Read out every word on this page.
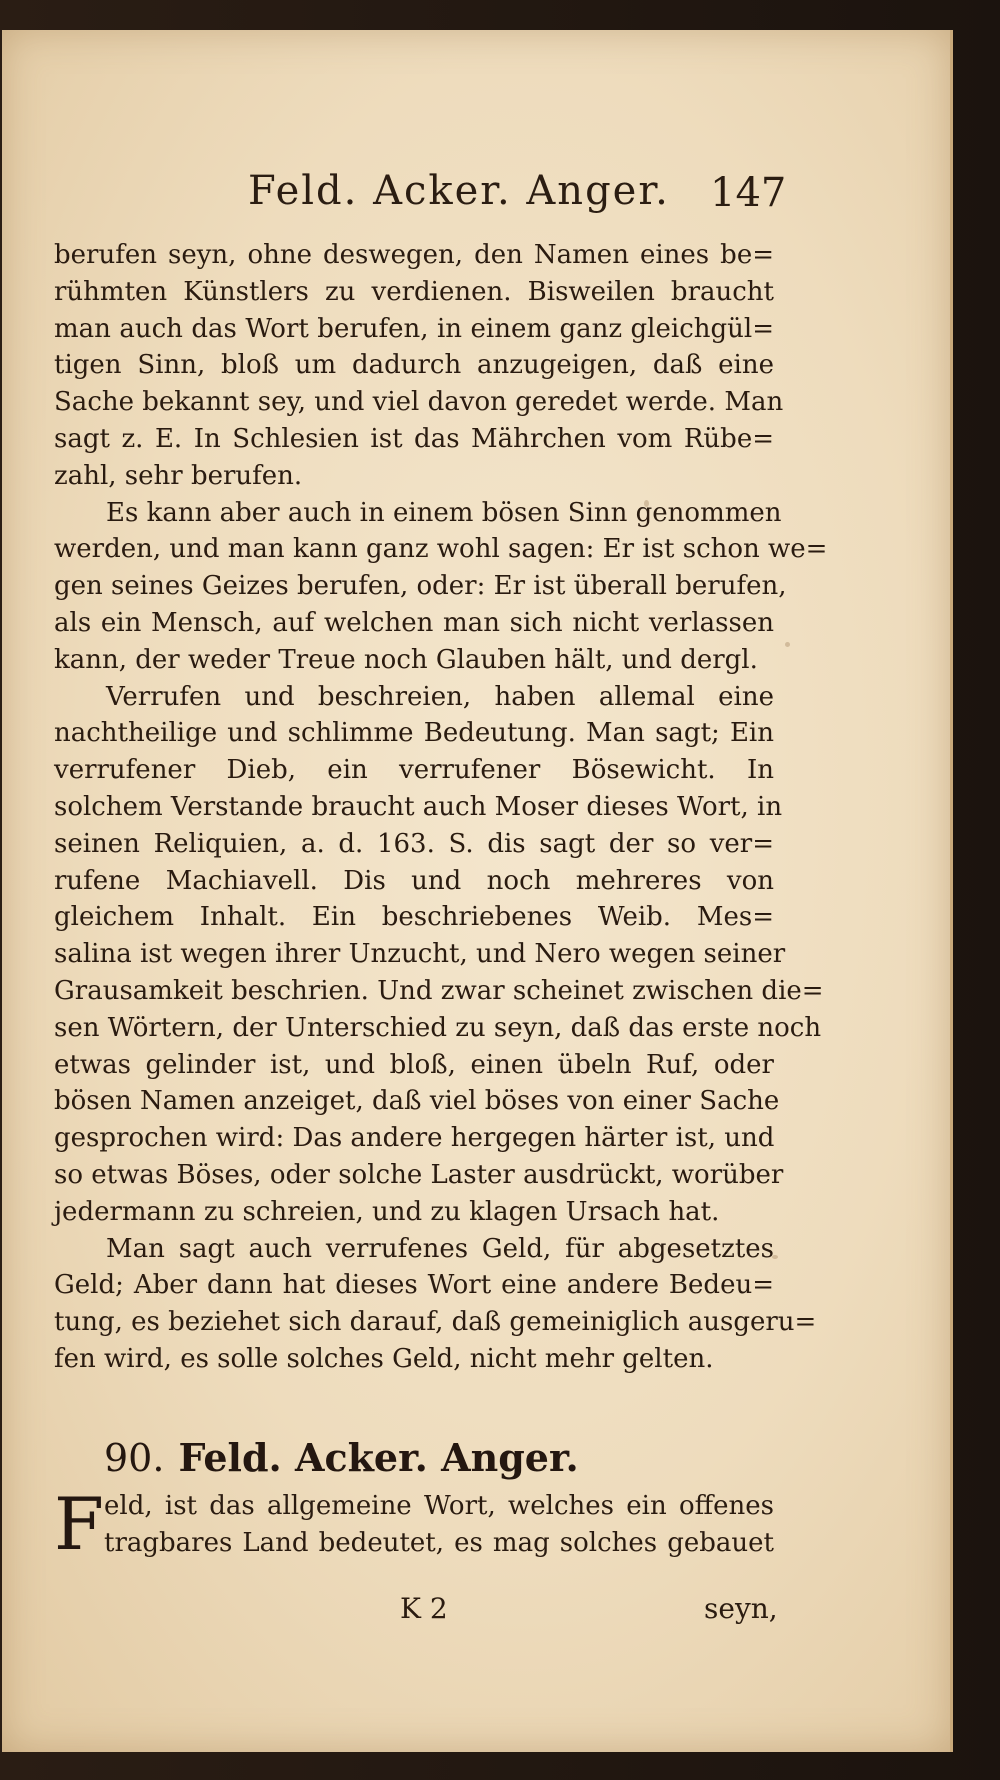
Feld. Acker. Anger. 147
berufen seyn, ohne deswegen, den Namen eines be=
rühmten Künstlers zu verdienen. Bisweilen braucht
man auch das Wort berufen, in einem ganz gleichgül=
tigen Sinn, bloß um dadurch anzugeigen, daß eine
Sache bekannt sey, und viel davon geredet werde. Man
sagt z. E. In Schlesien ist das Mährchen vom Rübe=
zahl, sehr berufen.
Es kann aber auch in einem bösen Sinn genommen
werden, und man kann ganz wohl sagen: Er ist schon we=
gen seines Geizes berufen, oder: Er ist überall berufen,
als ein Mensch, auf welchen man sich nicht verlassen
kann, der weder Treue noch Glauben hält, und dergl.
Verrufen und beschreien, haben allemal eine
nachtheilige und schlimme Bedeutung. Man sagt; Ein
verrufener Dieb, ein verrufener Bösewicht. In
solchem Verstande braucht auch Moser dieses Wort, in
seinen Reliquien, a. d. 163. S. dis sagt der so ver=
rufene Machiavell. Dis und noch mehreres von
gleichem Inhalt. Ein beschriebenes Weib. Mes=
salina ist wegen ihrer Unzucht, und Nero wegen seiner
Grausamkeit beschrien. Und zwar scheinet zwischen die=
sen Wörtern, der Unterschied zu seyn, daß das erste noch
etwas gelinder ist, und bloß, einen übeln Ruf, oder
bösen Namen anzeiget, daß viel böses von einer Sache
gesprochen wird: Das andere hergegen härter ist, und
so etwas Böses, oder solche Laster ausdrückt, worüber
jedermann zu schreien, und zu klagen Ursach hat.
Man sagt auch verrufenes Geld, für abgesetztes
Geld; Aber dann hat dieses Wort eine andere Bedeu=
tung, es beziehet sich darauf, daß gemeiniglich ausgeru=
fen wird, es solle solches Geld, nicht mehr gelten.
90. Feld. Acker. Anger.
F eld, ist das allgemeine Wort, welches ein offenes
tragbares Land bedeutet, es mag solches gebauet
K 2	seyn,
